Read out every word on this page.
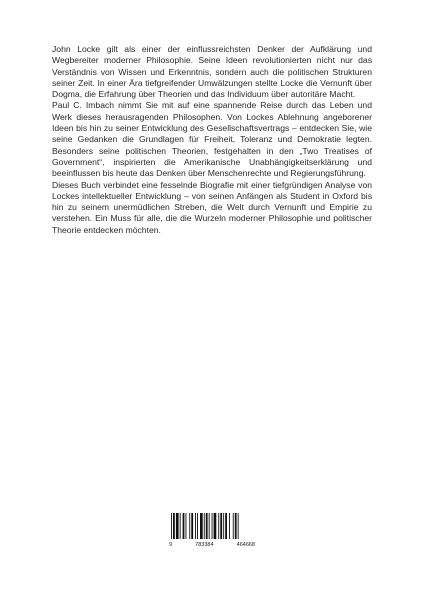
John Locke gilt als einer der einflussreichsten Denker der Aufklärung und Wegbereiter moderner Philosophie. Seine Ideen revolutionierten nicht nur das Verständnis von Wissen und Erkenntnis, sondern auch die politischen Strukturen seiner Zeit. In einer Ära tiefgreifender Umwälzungen stellte Locke die Vernunft über Dogma, die Erfahrung über Theorien und das Individuum über autoritäre Macht.

Paul C. Imbach nimmt Sie mit auf eine spannende Reise durch das Leben und Werk dieses herausragenden Philosophen. Von Lockes Ablehnung angeborener Ideen bis hin zu seiner Entwicklung des Gesellschaftsvertrags – entdecken Sie, wie seine Gedanken die Grundlagen für Freiheit, Toleranz und Demokratie legten. Besonders seine politischen Theorien, festgehalten in den „Two Treatises of Government“, inspirierten die Amerikanische Unabhängigkeitserklärung und beeinflussen bis heute das Denken über Menschenrechte und Regierungsführung.

Dieses Buch verbindet eine fesselnde Biografie mit einer tiefgründigen Analyse von Lockes intellektueller Entwicklung – von seinen Anfängen als Student in Oxford bis hin zu seinem unermüdlichen Streben, die Welt durch Vernunft und Empirie zu verstehen. Ein Muss für alle, die die Wurzeln moderner Philosophie und politischer Theorie entdecken möchten.

9	783384	464668
